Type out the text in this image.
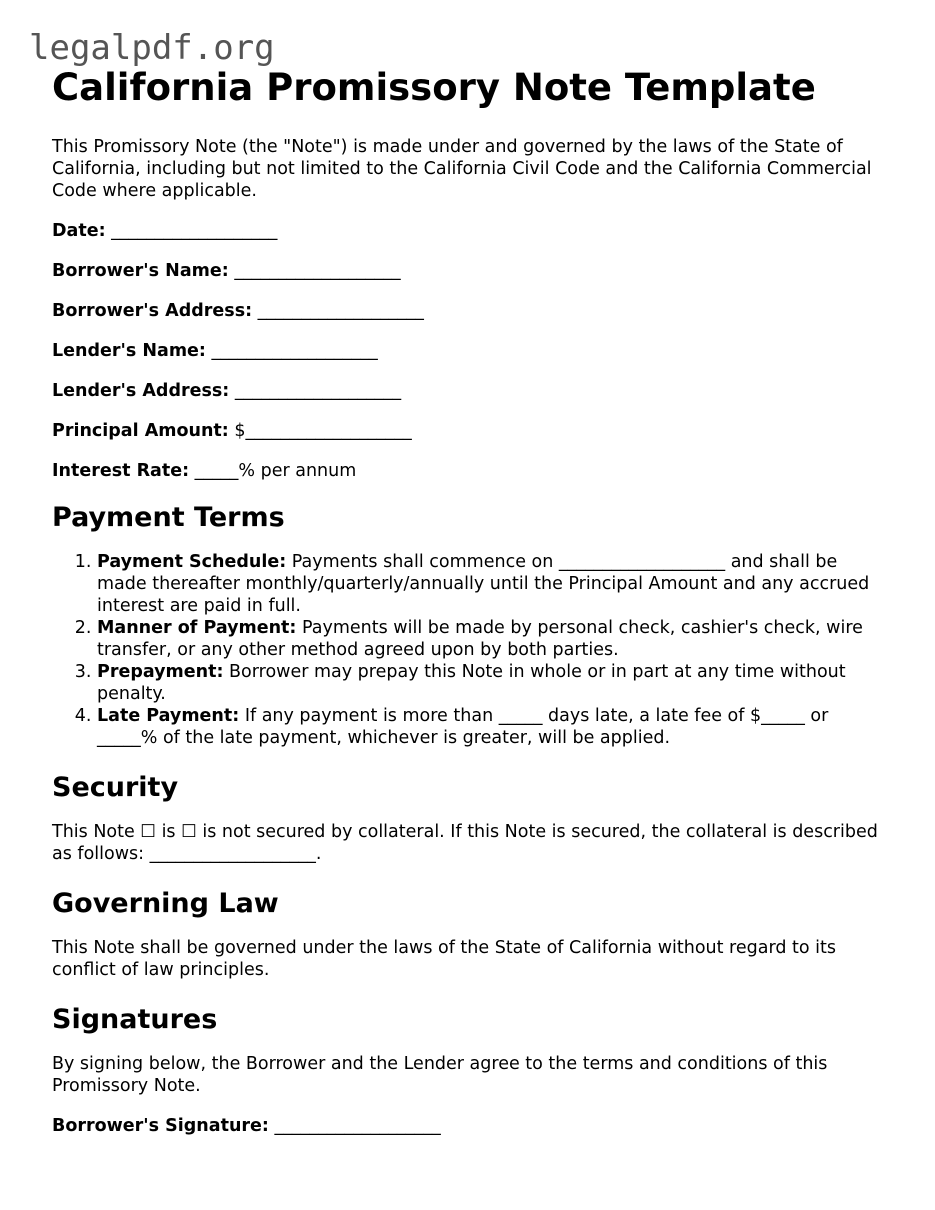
legalpdf.org
California Promissory Note Template

This Promissory Note (the "Note") is made under and governed by the laws of the State of California, including but not limited to the California Civil Code and the California Commercial Code where applicable.

Date: ___________________

Borrower's Name: ___________________

Borrower's Address: ___________________

Lender's Name: ___________________

Lender's Address: ___________________

Principal Amount: $___________________

Interest Rate: _____% per annum

Payment Terms
1. Payment Schedule: Payments shall commence on ___________________ and shall be made thereafter monthly/quarterly/annually until the Principal Amount and any accrued interest are paid in full.
2. Manner of Payment: Payments will be made by personal check, cashier's check, wire transfer, or any other method agreed upon by both parties.
3. Prepayment: Borrower may prepay this Note in whole or in part at any time without penalty.
4. Late Payment: If any payment is more than _____ days late, a late fee of $_____ or _____% of the late payment, whichever is greater, will be applied.
Security

This Note ☐ is ☐ is not secured by collateral. If this Note is secured, the collateral is described as follows: ___________________.

Governing Law

This Note shall be governed under the laws of the State of California without regard to its conflict of law principles.

Signatures

By signing below, the Borrower and the Lender agree to the terms and conditions of this Promissory Note.

Borrower's Signature: ___________________
